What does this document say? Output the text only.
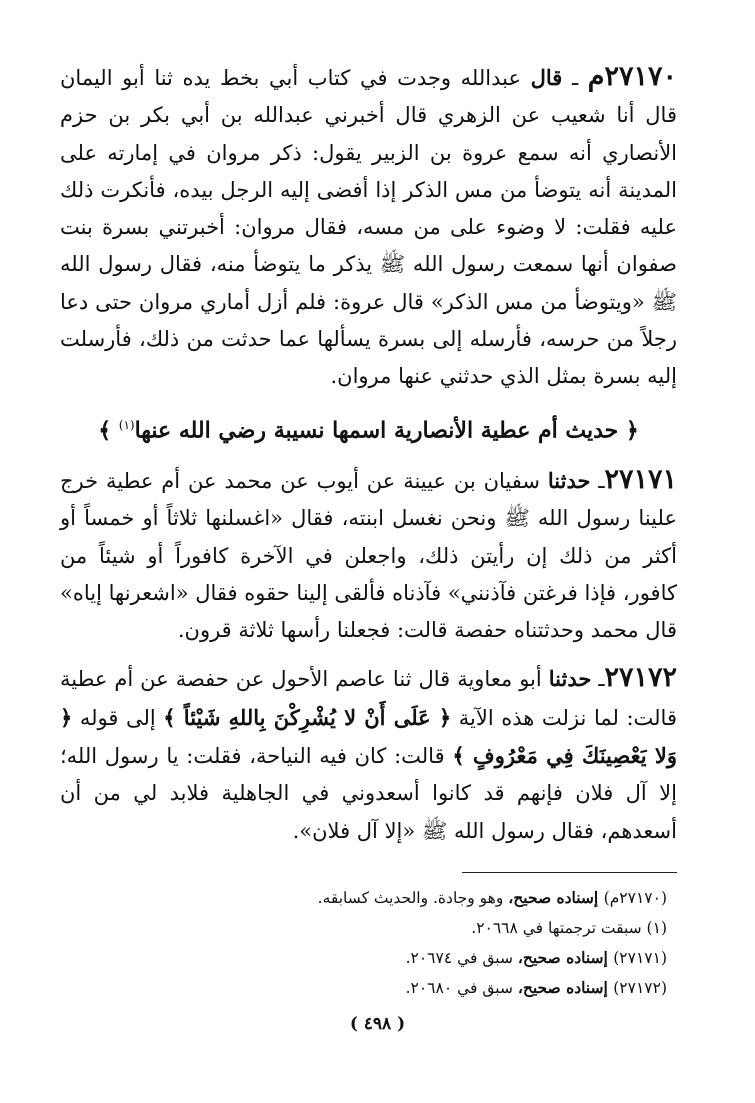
٢٧١٧٠م ـ قال عبدالله وجدت في كتاب أبي بخط يده ثنا أبو اليمان قال أنا شعيب عن الزهري قال أخبرني عبدالله بن أبي بكر بن حزم الأنصاري أنه سمع عروة بن الزبير يقول: ذكر مروان في إمارته على المدينة أنه يتوضأ من مس الذكر إذا أفضى إليه الرجل بيده، فأنكرت ذلك عليه فقلت: لا وضوء على من مسه، فقال مروان: أخبرتني بسرة بنت صفوان أنها سمعت رسول الله ﷺ يذكر ما يتوضأ منه، فقال رسول الله ﷺ «ويتوضأ من مس الذكر» قال عروة: فلم أزل أماري مروان حتى دعا رجلاً من حرسه، فأرسله إلى بسرة يسألها عما حدثت من ذلك، فأرسلت إليه بسرة بمثل الذي حدثني عنها مروان.

﴿ حديث أم عطية الأنصارية اسمها نسيبة رضي الله عنها$^{(١)}$ ﴾

٢٧١٧١ـ حدثنا سفيان بن عيينة عن أيوب عن محمد عن أم عطية خرج علينا رسول الله ﷺ ونحن نغسل ابنته، فقال «اغسلنها ثلاثاً أو خمساً أو أكثر من ذلك إن رأيتن ذلك، واجعلن في الآخرة كافوراً أو شيئاً من كافور، فإذا فرغتن فآذنني» فآذناه فألقى إلينا حقوه فقال «اشعرنها إياه» قال محمد وحدثتناه حفصة قالت: فجعلنا رأسها ثلاثة قرون.

٢٧١٧٢ـ حدثنا أبو معاوية قال ثنا عاصم الأحول عن حفصة عن أم عطية قالت: لما نزلت هذه الآية ﴿ عَلَى أَنْ لا يُشْرِكْنَ بِاللهِ شَيْئاً ﴾ إلى قوله ﴿ وَلا يَعْصِينَكَ فِي مَعْرُوفٍ ﴾ قالت: كان فيه النياحة، فقلت: يا رسول الله؛ إلا آل فلان فإنهم قد كانوا أسعدوني في الجاهلية فلابد لي من أن أسعدهم، فقال رسول الله ﷺ «إلا آل فلان».

(٢٧١٧٠م) إسناده صحيح، وهو وجادة. والحديث كسابقه.

(١) سبقت ترجمتها في ٢٠٦٦٨.

(٢٧١٧١) إسناده صحيح، سبق في ٢٠٦٧٤.

(٢٧١٧٢) إسناده صحيح، سبق في ٢٠٦٨٠.

( ٤٩٨ )
